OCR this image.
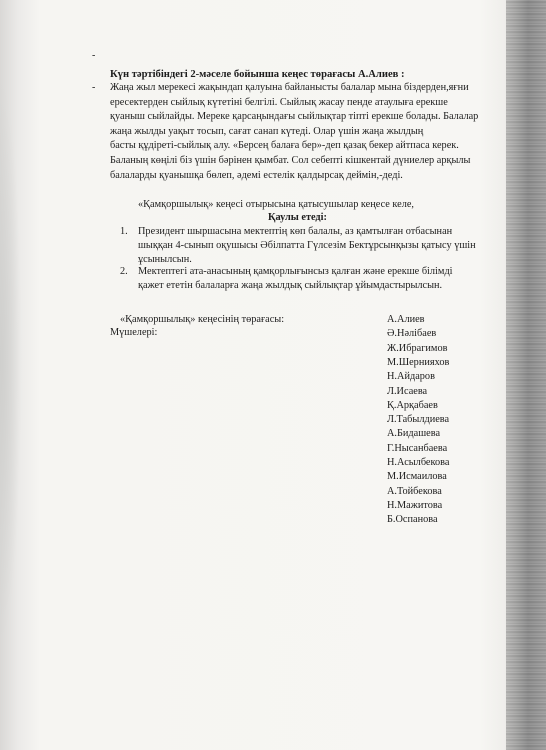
-
Күн тәртібіндегі 2-мәселе бойынша кеңес төрағасы А.Алиев :
- Жаңа жыл мерекесі жақындап қалуына байланысты балалар мына біздерден,яғни
ересектерден сыйлық күтетіні белгілі. Сыйлық жасау пенде атаулыға ерекше
қуаныш сыйлайды. Мереке қарсаңындағы сыйлықтар тіпті ерекше болады. Балалар
жаңа жылды уақыт тосып, сағат санап күтеді. Олар үшін жаңа жылдың
басты құдіреті-сыйлық алу. «Берсең балаға бер»-деп қазақ бекер айтпаса керек.
Баланың көңілі біз үшін бәрінен қымбат. Сол себепті кішкентай дүниелер арқылы
балаларды қуанышқа бөлеп, әдемі естелік қалдырсақ деймін,-деді.
«Қамқоршылық» кеңесі отырысына қатысушылар кеңесе келе,
Қаулы етеді:
1. Президент шыршасына мектептің көп балалы, аз қамтылған отбасынан
шыққан 4-сынып оқушысы Әбілпатта Гүлсезім Бектұрсынқызы қатысу үшін
ұсынылсын.
2. Мектептегі ата-анасының қамқорлығынсыз қалған және ерекше білімді
қажет ететін балаларға жаңа жылдық сыйлықтар ұйымдастырылсын.
«Қамқоршылық» кеңесінің төрағасы:
Мүшелері:
А.Алиев
Ә.Нәлібаев
Ж.Ибрагимов
М.Шернияхов
Н.Айдаров
Л.Исаева
Қ.Арқабаев
Л.Табылдиева
А.Бидашева
Г.Нысанбаева
Н.Асылбекова
М.Исмаилова
А.Тойбекова
Н.Мажитова
Б.Оспанова
